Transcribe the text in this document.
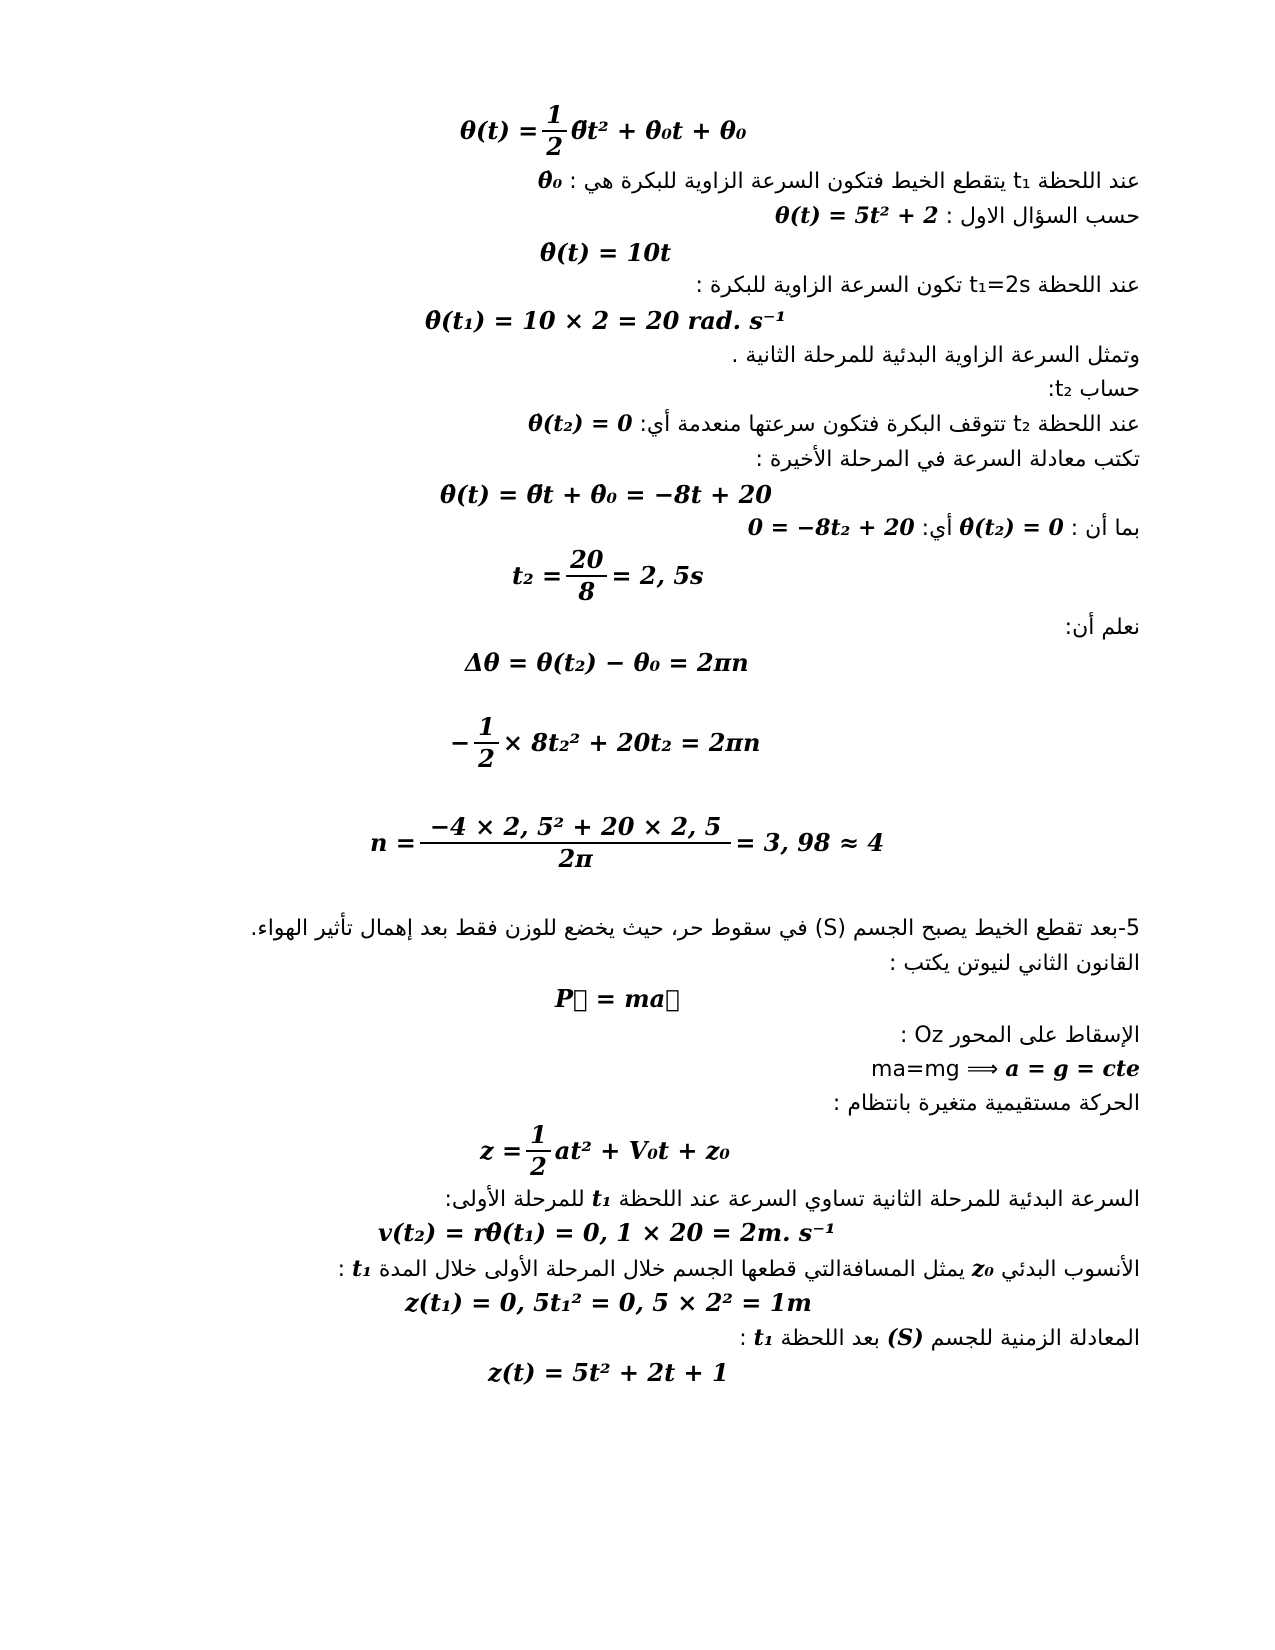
$\theta(t) = \frac{1}{2}$ θ̈t² + θ̇₀t + θ₀
عند اللحظة t₁ يتقطع الخيط فتكون السرعة الزاوية للبكرة هي : θ̇₀
حسب السؤال الاول : θ(t) = 5t² + 2
θ̇(t) = 10t
عند اللحظة t₁=2s تكون السرعة الزاوية للبكرة :
θ̇(t₁) = 10 × 2 = 20 rad. s⁻¹
وتمثل السرعة الزاوية البدئية للمرحلة الثانية .
حساب t₂:
عند اللحظة t₂ تتوقف البكرة فتكون سرعتها منعدمة أي: θ̇(t₂) = 0
تكتب معادلة السرعة في المرحلة الأخيرة :
θ̇(t) = θ̈t + θ̇₀ = −8t + 20
بما أن : θ̇(t₂) = 0 أي: 0 = −8t₂ + 20
$t_2 = \frac{20}{8} = 2$, 5s
نعلم أن:
Δθ = θ(t₂) − θ₀ = 2πn
− $\frac{1}{2} \times 8t_2^2 + 20t_2 = 2\pi n$
$n = \frac{\text{−4 × 2, 5² + 20 × 2, 5}}{2\pi} = 3$, 98 ≈ 4
5-بعد تقطع الخيط يصبح الجسم (S) في سقوط حر، حيث يخضع للوزن فقط بعد إهمال تأثير الهواء.
القانون الثاني لنيوتن يكتب :
P⃗ = ma⃗
الإسقاط على المحور Oz :
ma=mg ⟹ a = g = cte
الحركة مستقيمية متغيرة بانتظام :
$z = \frac{1}{2} at^2 + V_0t + z_0$
السرعة البدئية للمرحلة الثانية تساوي السرعة عند اللحظة t₁ للمرحلة الأولى:
v(t₂) = rθ̇(t₁) = 0, 1 × 20 = 2m. s⁻¹
الأنسوب البدئي z₀ يمثل المسافةالتي قطعها الجسم خلال المرحلة الأولى خلال المدة t₁ :
z(t₁) = 0, 5t₁² = 0, 5 × 2² = 1m
المعادلة الزمنية للجسم (S) بعد اللحظة t₁ :
z(t) = 5t² + 2t + 1
